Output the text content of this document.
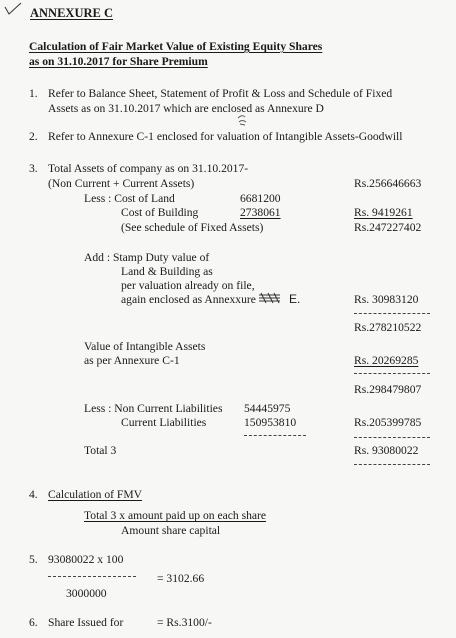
ANNEXURE C
Calculation of Fair Market Value of Existing Equity Shares
as on 31.10.2017 for Share Premium
1. Refer to Balance Sheet, Statement of Profit & Loss and Schedule of Fixed
Assets as on 31.10.2017 which are enclosed as Annexure D
2. Refer to Annexure C-1 enclosed for valuation of Intangible Assets-Goodwill
3. Total Assets of company as on 31.10.2017-
(Non Current + Current Assets)	Rs.256646663
Less : Cost of Land	6681200
Cost of Building	2738061	Rs. 9419261
(See schedule of Fixed Assets)	Rs.247227402
Add : Stamp Duty value of
Land & Building as
per valuation already on file,
again enclosed as Annexxure	E.	Rs. 30983120
Rs.278210522
Value of Intangible Assets
as per Annexure C-1	Rs. 20269285
Rs.298479807
Less : Non Current Liabilities 54445975
Current Liabilities	150953810	Rs.205399785
Total 3	Rs. 93080022
4. Calculation of FMV
Total 3 x amount paid up on each share
Amount share capital
5. 93080022 x 100
= 3102.66
3000000
6. Share Issued for	= Rs.3100/-
